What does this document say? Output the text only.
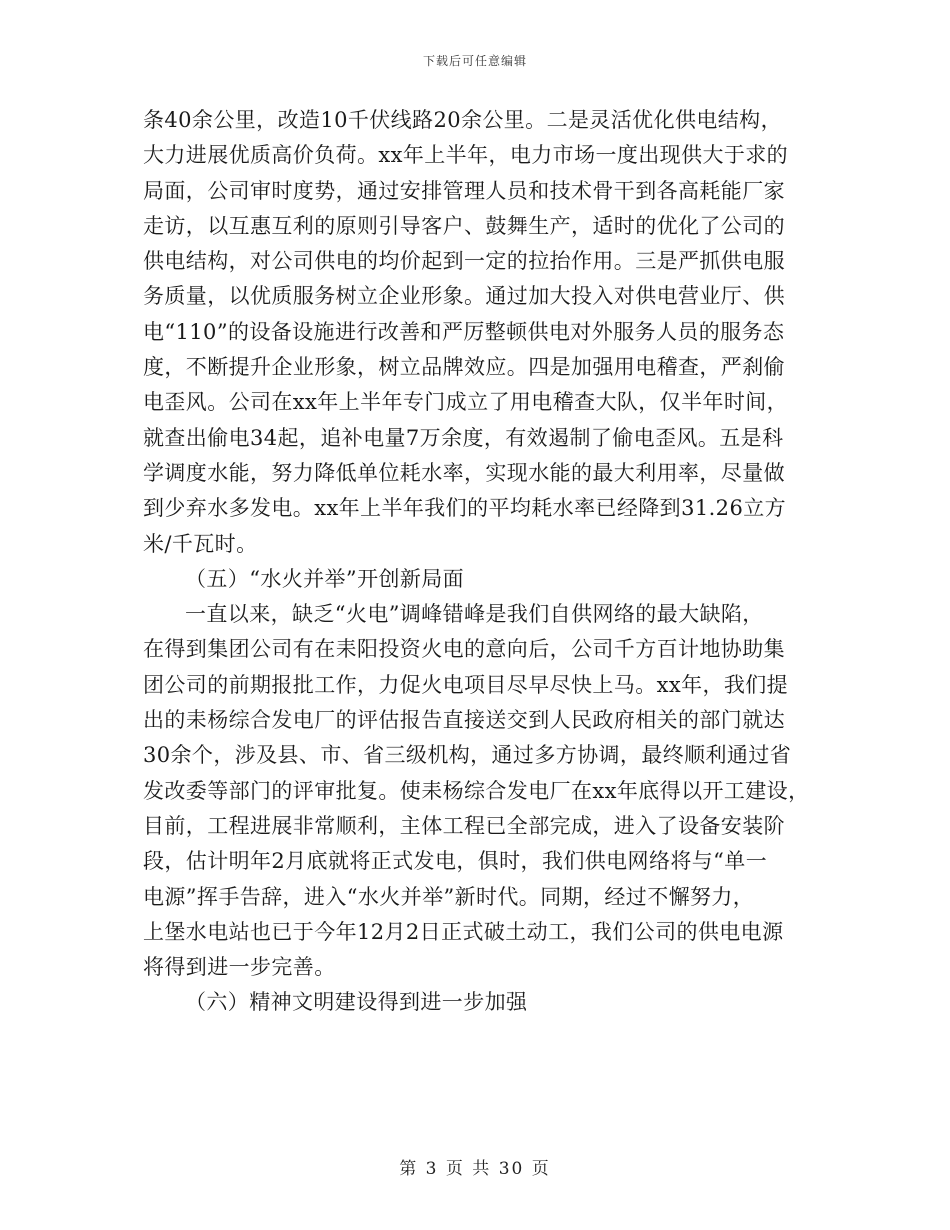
下载后可任意编辑
条40余公里，改造10千伏线路20余公里。二是灵活优化供电结构，
大力进展优质高价负荷。xx年上半年，电力市场一度出现供大于求的
局面，公司审时度势，通过安排管理人员和技术骨干到各高耗能厂家
走访，以互惠互利的原则引导客户、鼓舞生产，适时的优化了公司的
供电结构，对公司供电的均价起到一定的拉抬作用。三是严抓供电服
务质量，以优质服务树立企业形象。通过加大投入对供电营业厅、供
电“110”的设备设施进行改善和严厉整顿供电对外服务人员的服务态
度，不断提升企业形象，树立品牌效应。四是加强用电稽查，严刹偷
电歪风。公司在xx年上半年专门成立了用电稽查大队，仅半年时间，
就查出偷电34起，追补电量7万余度，有效遏制了偷电歪风。五是科
学调度水能，努力降低单位耗水率，实现水能的最大利用率，尽量做
到少弃水多发电。xx年上半年我们的平均耗水率已经降到31.26立方
米/千瓦时。
（五）“水火并举”开创新局面
一直以来，缺乏“火电”调峰错峰是我们自供网络的最大缺陷，
在得到集团公司有在耒阳投资火电的意向后，公司千方百计地协助集
团公司的前期报批工作，力促火电项目尽早尽快上马。xx年，我们提
出的耒杨综合发电厂的评估报告直接送交到人民政府相关的部门就达
30余个，涉及县、市、省三级机构，通过多方协调，最终顺利通过省
发改委等部门的评审批复。使耒杨综合发电厂在xx年底得以开工建设，
目前，工程进展非常顺利，主体工程已全部完成，进入了设备安装阶
段，估计明年2月底就将正式发电，俱时，我们供电网络将与“单一
电源”挥手告辞，进入“水火并举”新时代。同期，经过不懈努力，
上堡水电站也已于今年12月2日正式破土动工，我们公司的供电电源
将得到进一步完善。
（六）精神文明建设得到进一步加强
第 3 页 共 30 页
